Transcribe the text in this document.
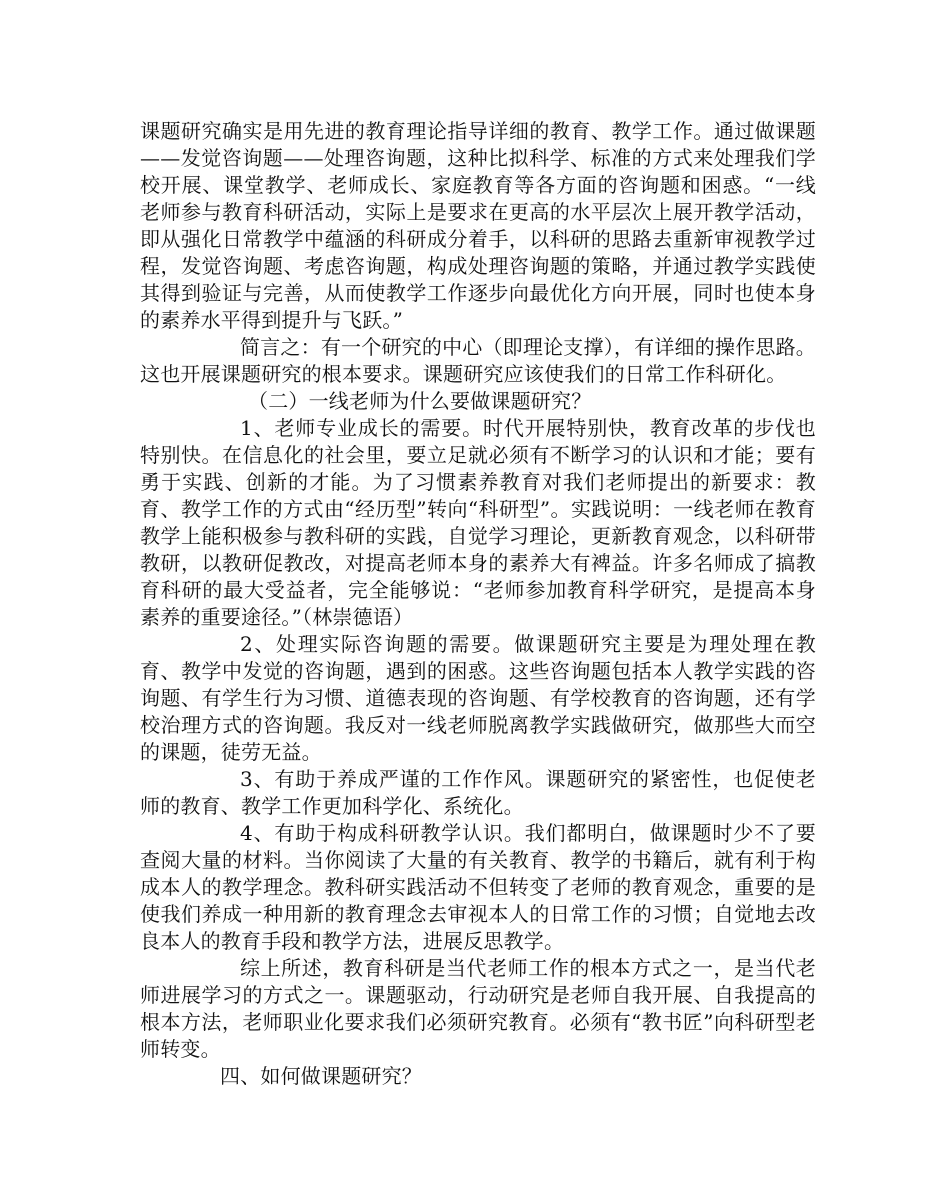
课题研究确实是用先进的教育理论指导详细的教育、教学工作。通过做课题——发觉咨询题——处理咨询题，这种比拟科学、标准的方式来处理我们学校开展、课堂教学、老师成长、家庭教育等各方面的咨询题和困惑。“一线老师参与教育科研活动，实际上是要求在更高的水平层次上展开教学活动，即从强化日常教学中蕴涵的科研成分着手，以科研的思路去重新审视教学过程，发觉咨询题、考虑咨询题，构成处理咨询题的策略，并通过教学实践使其得到验证与完善，从而使教学工作逐步向最优化方向开展，同时也使本身的素养水平得到提升与飞跃。”

简言之：有一个研究的中心（即理论支撑），有详细的操作思路。这也开展课题研究的根本要求。课题研究应该使我们的日常工作科研化。

（二）一线老师为什么要做课题研究？

1、老师专业成长的需要。时代开展特别快，教育改革的步伐也特别快。在信息化的社会里，要立足就必须有不断学习的认识和才能；要有勇于实践、创新的才能。为了习惯素养教育对我们老师提出的新要求：教育、教学工作的方式由“经历型”转向“科研型”。实践说明：一线老师在教育教学上能积极参与教科研的实践，自觉学习理论，更新教育观念，以科研带教研，以教研促教改，对提高老师本身的素养大有裨益。许多名师成了搞教育科研的最大受益者，完全能够说：“老师参加教育科学研究，是提高本身素养的重要途径。”（林崇德语）

2、处理实际咨询题的需要。做课题研究主要是为理处理在教育、教学中发觉的咨询题，遇到的困惑。这些咨询题包括本人教学实践的咨询题、有学生行为习惯、道德表现的咨询题、有学校教育的咨询题，还有学校治理方式的咨询题。我反对一线老师脱离教学实践做研究，做那些大而空的课题，徒劳无益。

3、有助于养成严谨的工作作风。课题研究的紧密性，也促使老师的教育、教学工作更加科学化、系统化。

4、有助于构成科研教学认识。我们都明白，做课题时少不了要查阅大量的材料。当你阅读了大量的有关教育、教学的书籍后，就有利于构成本人的教学理念。教科研实践活动不但转变了老师的教育观念，重要的是使我们养成一种用新的教育理念去审视本人的日常工作的习惯；自觉地去改良本人的教育手段和教学方法，进展反思教学。

综上所述，教育科研是当代老师工作的根本方式之一，是当代老师进展学习的方式之一。课题驱动，行动研究是老师自我开展、自我提高的根本方法，老师职业化要求我们必须研究教育。必须有“教书匠”向科研型老师转变。

四、如何做课题研究？
